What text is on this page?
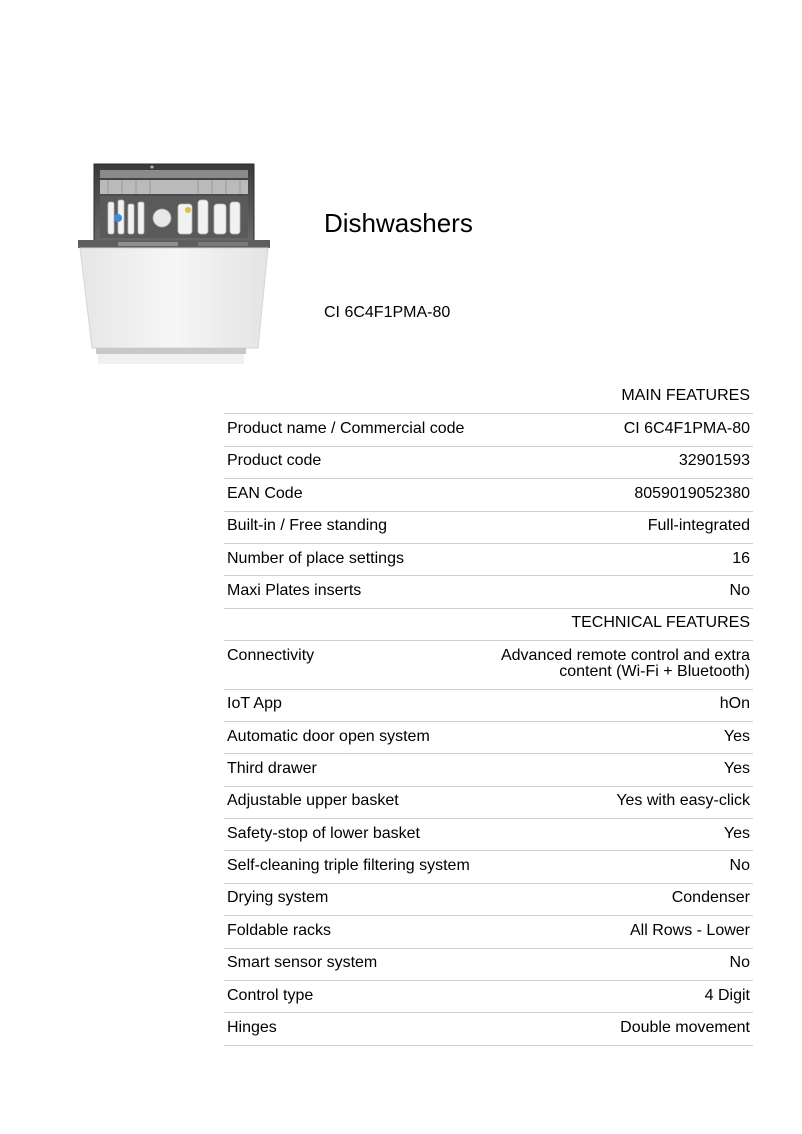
Dishwashers
CI 6C4F1PMA-80
MAIN FEATURES
Product name / Commercial code	CI 6C4F1PMA-80
Product code	32901593
EAN Code	8059019052380
Built-in / Free standing	Full-integrated
Number of place settings	16
Maxi Plates inserts	No
TECHNICAL FEATURES
Connectivity	Advanced remote control and extra content (Wi-Fi + Bluetooth)
IoT App	hOn
Automatic door open system	Yes
Third drawer	Yes
Adjustable upper basket	Yes with easy-click
Safety-stop of lower basket	Yes
Self-cleaning triple filtering system	No
Drying system	Condenser
Foldable racks	All Rows - Lower
Smart sensor system	No
Control type	4 Digit
Hinges	Double movement
